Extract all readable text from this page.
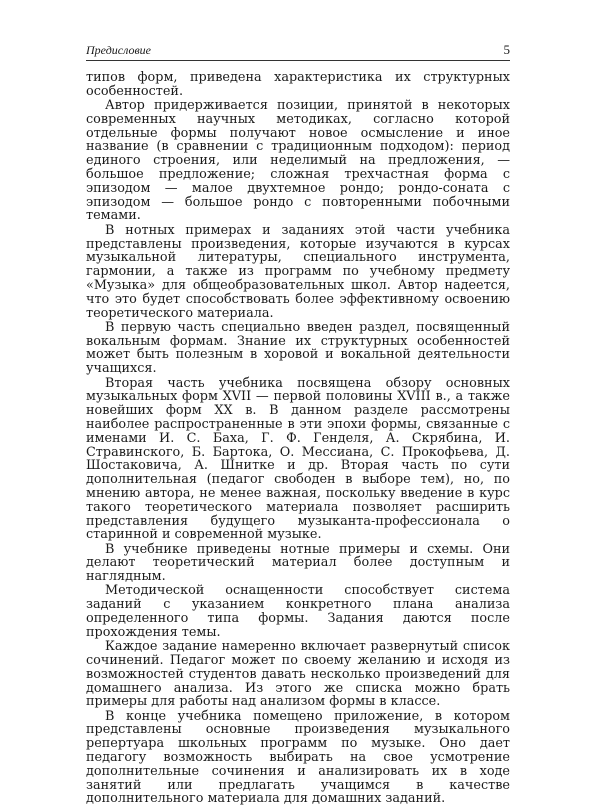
Предисловие	5

типов форм, приведена характеристика их структурных особенностей.

Автор придерживается позиции, принятой в некоторых современных научных методиках, согласно которой отдельные формы получают новое осмысление и иное название (в сравнении с традиционным подходом): период единого строения, или неделимый на предложения, — большое предложение; сложная трехчастная форма с эпизодом — малое двухтемное рондо; рондо-соната с эпизодом — большое рондо с повторенными побочными темами.

В нотных примерах и заданиях этой части учебника представлены произведения, которые изучаются в курсах музыкальной литературы, специального инструмента, гармонии, а также из программ по учебному предмету «Музыка» для общеобразовательных школ. Автор надеется, что это будет способствовать более эффективному освоению теоретического материала.

В первую часть специально введен раздел, посвященный вокальным формам. Знание их структурных особенностей может быть полезным в хоровой и вокальной деятельности учащихся.

Вторая часть учебника посвящена обзору основных музыкальных форм XVII — первой половины XVIII в., а также новейших форм XX в. В данном разделе рассмотрены наиболее распространенные в эти эпохи формы, связанные с именами И. С. Баха, Г. Ф. Генделя, А. Скрябина, И. Стравинского, Б. Бартока, О. Мессиана, С. Прокофьева, Д. Шостаковича, А. Шнитке и др. Вторая часть по сути дополнительная (педагог свободен в выборе тем), но, по мнению автора, не менее важная, поскольку введение в курс такого теоретического материала позволяет расширить представления будущего музыканта-профессионала о старинной и современной музыке.

В учебнике приведены нотные примеры и схемы. Они делают теоретический материал более доступным и наглядным.

Методической оснащенности способствует система заданий с указанием конкретного плана анализа определенного типа формы. Задания даются после прохождения темы.

Каждое задание намеренно включает развернутый список сочинений. Педагог может по своему желанию и исходя из возможностей студентов давать несколько произведений для домашнего анализа. Из этого же списка можно брать примеры для работы над анализом формы в классе.

В конце учебника помещено приложение, в котором представлены основные произведения музыкального репертуара школьных программ по музыке. Оно дает педагогу возможность выбирать на свое усмотрение дополнительные сочинения и анализировать их в ходе занятий или предлагать учащимся в качестве дополнительного материала для домашних заданий.
